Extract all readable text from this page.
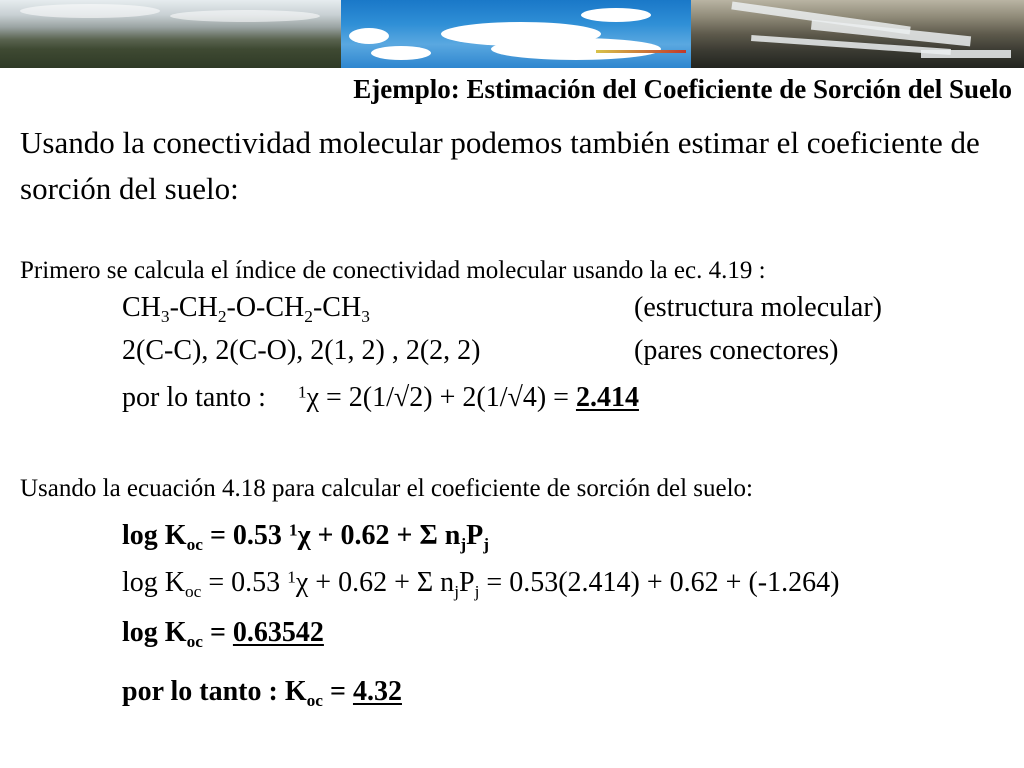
Ejemplo: Estimación del Coeficiente de Sorción del Suelo
Usando la conectividad molecular podemos también estimar el coeficiente de sorción del suelo:
Primero se calcula el índice de conectividad molecular usando la ec. 4.19 :
$CH_3-CH_2-O-CH_2-CH_3$	(estructura molecular)
2(C-C), 2(C-O), 2(1, 2) , 2(2, 2)	(pares conectores)
por lo tanto : $^1$χ = 2(1/√2) + 2(1/√4) = 2.414
Usando la ecuación 4.18 para calcular el coeficiente de sorción del suelo:
$\log K_{oc} = 0.53$ $^1$χ + 0.62 + Σ $n_jP_j$
$\log K_{oc} = 0.53$ $^1$χ + 0.62 + Σ $n_jP_j = 0.53(2.414) + 0.62 + (-1.264)$
$\log K_{oc} = 0.63542$
por lo tanto : $K_{oc} = 4.32$
